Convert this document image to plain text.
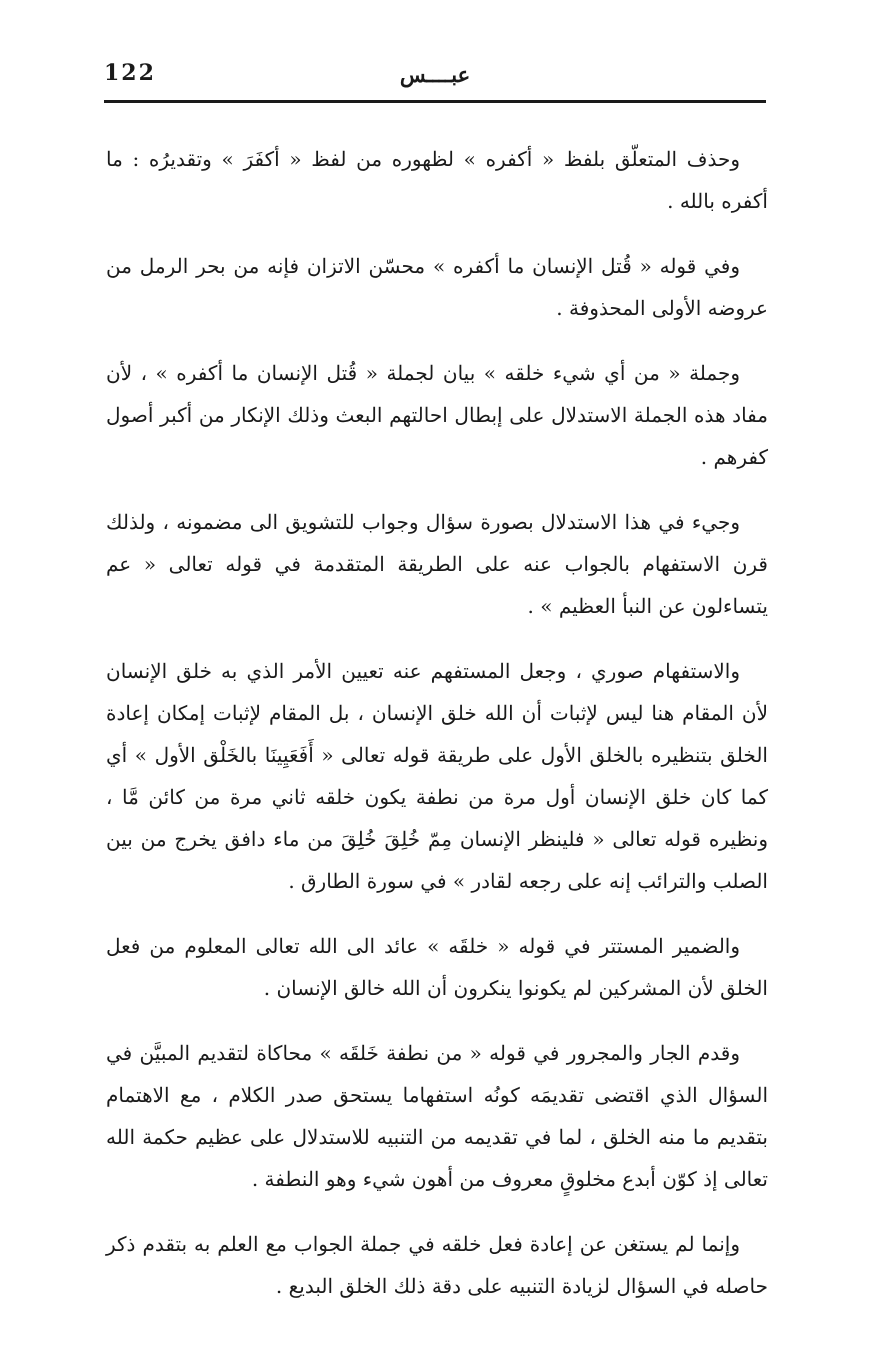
122	عبــــس

وحذف المتعلّق بلفظ « أكفره » لظهوره من لفظ « أكفَرَ » وتقديرُه : ما أكفره بالله .

وفي قوله « قُتل الإنسان ما أكفره » محسّن الاتزان فإنه من بحر الرمل من عروضه الأولى المحذوفة .

وجملة « من أي شيء خلقه » بيان لجملة « قُتل الإنسان ما أكفره » ، لأن مفاد هذه الجملة الاستدلال على إبطال احالتهم البعث وذلك الإنكار من أكبر أصول كفرهم .

وجيء في هذا الاستدلال بصورة سؤال وجواب للتشويق الى مضمونه ، ولذلك قرن الاستفهام بالجواب عنه على الطريقة المتقدمة في قوله تعالى « عم يتساءلون عن النبأ العظيم » .

والاستفهام صوري ، وجعل المستفهم عنه تعيين الأمر الذي به خلق الإنسان لأن المقام هنا ليس لإثبات أن الله خلق الإنسان ، بل المقام لإثبات إمكان إعادة الخلق بتنظيره بالخلق الأول على طريقة قوله تعالى « أَفَعَيِينَا بالخَلْق الأول » أي كما كان خلق الإنسان أول مرة من نطفة يكون خلقه ثاني مرة من كائن مَّا ، ونظيره قوله تعالى « فلينظر الإنسان مِمّ خُلِقَ خُلِقَ من ماء دافق يخرج من بين الصلب والترائب إنه على رجعه لقادر » في سورة الطارق .

والضمير المستتر في قوله « خلقَه » عائد الى الله تعالى المعلوم من فعل الخلق لأن المشركين لم يكونوا ينكرون أن الله خالق الإنسان .

وقدم الجار والمجرور في قوله « من نطفة خَلقَه » محاكاة لتقديم المبيَّن في السؤال الذي اقتضى تقديمَه كونُه استفهاما يستحق صدر الكلام ، مع الاهتمام بتقديم ما منه الخلق ، لما في تقديمه من التنبيه للاستدلال على عظيم حكمة الله تعالى إذ كوّن أبدع مخلوقٍ معروف من أهون شيء وهو النطفة .

وإنما لم يستغن عن إعادة فعل خلقه في جملة الجواب مع العلم به بتقدم ذكر حاصله في السؤال لزيادة التنبيه على دقة ذلك الخلق البديع .
